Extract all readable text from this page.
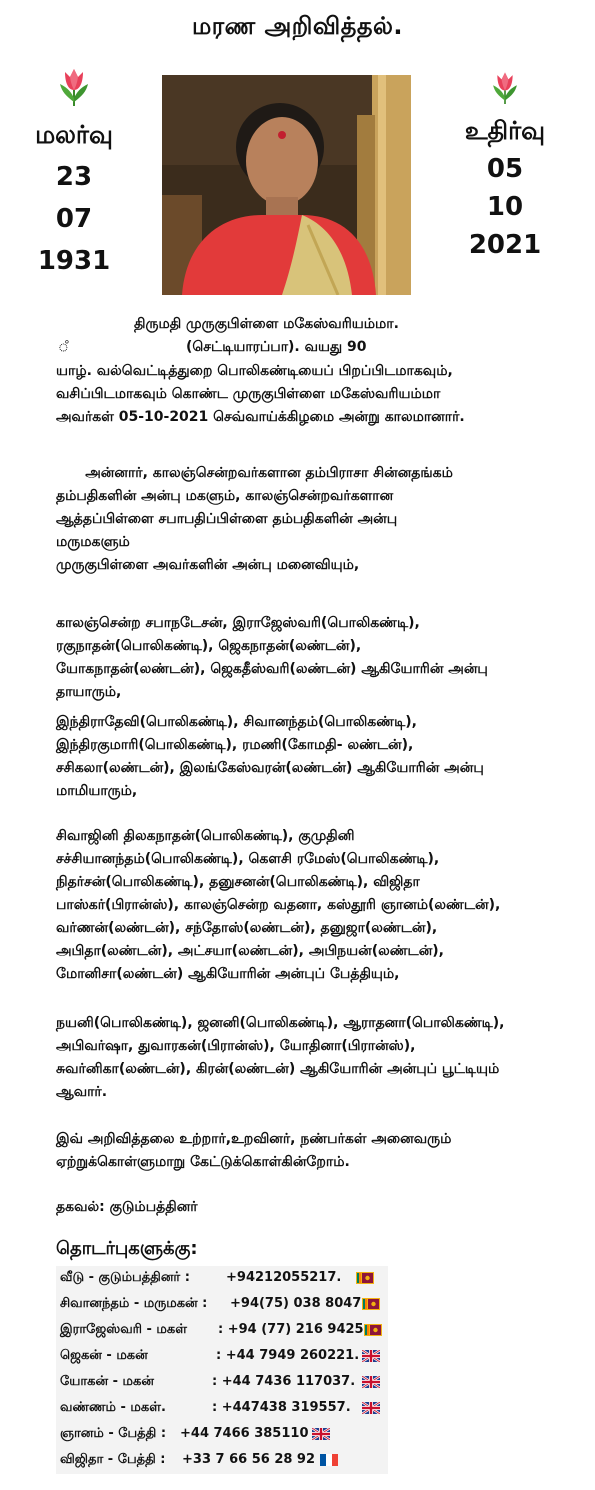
மரண அறிவித்தல்.
மலர்வு
23
07
1931
உதிர்வு
05
10
2021
திருமதி முருகுபிள்ளை மகேஸ்வரியம்மா.
ஂ	(செட்டியாரப்பா). வயது 90
யாழ். வல்வெட்டித்துறை பொலிகண்டியைப் பிறப்பிடமாகவும்,
வசிப்பிடமாகவும் கொண்ட முருகுபிள்ளை மகேஸ்வரியம்மா
அவர்கள் 05-10-2021 செவ்வாய்க்கிழமை அன்று காலமானார்.
அன்னார், காலஞ்சென்றவர்களான தம்பிராசா சின்னதங்கம்
தம்பதிகளின் அன்பு மகளும், காலஞ்சென்றவர்களான
ஆத்தப்பிள்ளை சபாபதிப்பிள்ளை தம்பதிகளின் அன்பு
மருமகளும்
முருகுபிள்ளை அவர்களின் அன்பு மனைவியும்,
காலஞ்சென்ற சபாநடேசன், இராஜேஸ்வரி(பொலிகண்டி),
ரகுநாதன்(பொலிகண்டி), ஜெகநாதன்(லண்டன்),
யோகநாதன்(லண்டன்), ஜெகதீஸ்வரி(லண்டன்) ஆகியோரின் அன்பு
தாயாரும்,
இந்திராதேவி(பொலிகண்டி), சிவானந்தம்(பொலிகண்டி),
இந்திரகுமாரி(பொலிகண்டி), ரமணி(கோமதி- லண்டன்),
சசிகலா(லண்டன்), இலங்கேஸ்வரன்(லண்டன்) ஆகியோரின் அன்பு
மாமியாரும்,
சிவாஜினி திலகநாதன்(பொலிகண்டி), குமுதினி
சச்சியானந்தம்(பொலிகண்டி), கௌசி ரமேஸ்(பொலிகண்டி),
நிதர்சன்(பொலிகண்டி), தனுசனன்(பொலிகண்டி), விஜிதா
பாஸ்கர்(பிரான்ஸ்), காலஞ்சென்ற வதனா, கஸ்தூரி ஞானம்(லண்டன்),
வர்ணன்(லண்டன்), சந்தோஸ்(லண்டன்), தனுஜா(லண்டன்),
அபிதா(லண்டன்), அட்சயா(லண்டன்), அபிநயன்(லண்டன்),
மோனிசா(லண்டன்) ஆகியோரின் அன்புப் பேத்தியும்,
நயனி(பொலிகண்டி), ஜனனி(பொலிகண்டி), ஆராதனா(பொலிகண்டி),
அபிவர்ஷா, துவாரகன்(பிரான்ஸ்), யோதினா(பிரான்ஸ்),
சுவர்னிகா(லண்டன்), கிரன்(லண்டன்) ஆகியோரின் அன்புப் பூட்டியும்
ஆவார்.
இவ் அறிவித்தலை உற்றார்,உறவினர், நண்பர்கள் அனைவரும்
ஏற்றுக்கொள்ளுமாறு கேட்டுக்கொள்கின்றோம்.
தகவல்: குடும்பத்தினர்
தொடர்புகளுக்கு:
வீடு - குடும்பத்தினர் :	+94212055217.
சிவானந்தம் - மருமகன் : +94(75) 038 8047
இராஜேஸ்வரி - மகள் : +94 (77) 216 9425
ஜெகன் - மகன்	: +44 7949 260221.
யோகன் - மகன்	: +44 7436 117037.
வண்ணம் - மகள்.	: +447438 319557.
ஞானம் - பேத்தி : +44 7466 385110
விஜிதா - பேத்தி : +33 7 66 56 28 92
